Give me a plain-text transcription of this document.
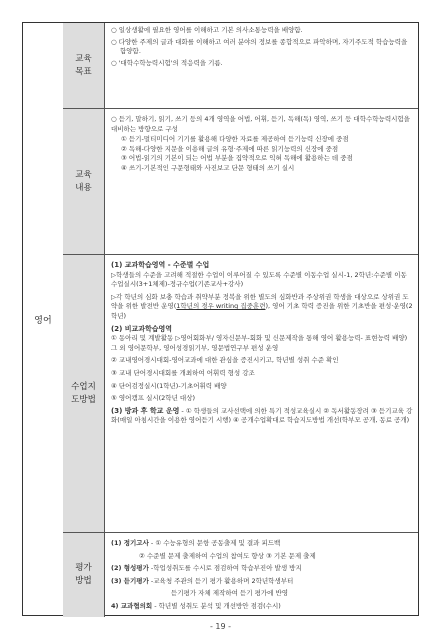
영어
교육목표

○ 일상생활에 필요한 영어를 이해하고 기본 의사소통능력을 배양함.

○ 다양한 주제의 글과 대화를 이해하고 여러 분야의 정보를 종합적으로 파악하며, 자기주도적 학습능력을 함양함.

○ '대학수학능력시험'의 적응력을 기름.

교육내용

○ 듣기, 말하기, 읽기, 쓰기 등의 4개 영역을 어법, 어휘, 듣기, 독해(독) 영역, 쓰기 등 대학수학능력시험을 대비하는 방향으로 구성

① 듣기-멀티미디어 기기를 활용해 다양한 자료를 제공하여 듣기능력 신장에 중점

② 독해-다양한 지문을 이용해 글의 유형·주제에 따른 읽기능력의 신장에 중점

③ 어법-읽기의 기본이 되는 어법 부분을 집약적으로 익혀 독해에 활용하는 데 중점

④ 쓰기-기본적인 구문형태와 사진보고 단문 형태의 쓰기 실시

수업지도방법

(1) 교과학습영역 - 수준별 수업

▷학생들의 수준을 고려해 적절한 수업이 이루어질 수 있도록 수준별 이동수업 실시-1, 2학년:수준별 이동수업실시(3+1체제)-정규수업(기존교사+강사)

▷각 학년의 심화 보충 학습과 취약부분 정복을 위한 별도의 심화반과 주상위권 학생을 대상으로 상위권 도약을 위한 발전반 운영(1학년의 경우 writing 집중훈련), 영어 기초 학력 증진을 위한 기초반을 편성·운영(2학년)

(2) 비교과학습영역

① 동아리 및 계발활동 ▷영어회화부/ 영자신문부-회화 및 신문제작을 통해 영어 활용능력- 표현능력 배양) 그 외 영어문학부, 영어성경읽기부, 영문법연구부 편성 운영

② 교내영어경시대회-영어교과에 대한 관심을 증진시키고, 학년별 성취 수준 확인

③ 교내 단어경시대회를 개최하여 어휘력 형성 강조

④ 단어검정실시(1학년)-기초어휘력 배양

⑤ 영어캠프 실시(2학년 대상)

(3) 방과 후 학교 운영 - ① 학생들의 교사선택에 의한 특기 적성교육실시 ② 독서활동장려 ③ 듣기교육 강화(매일 아침시간을 이용한 영어듣기 시행) ④ 공개수업확대로 학습지도방법 개선(학부모 공개, 동료 공개)

평가방법

(1) 정기고사 - ① 수능유형의 문항 공동출제 및 결과 피드백

② 수준별 문제 출제하여 수업의 참여도 향상 ③ 기본 문제 출제

(2) 형성평가 -학업성취도를 수시로 점검하여 학습부진아 발생 방지

(3) 듣기평가 -교육청 주관의 듣기 평가 활용하며 2학년학생부터

듣기평가 자체 제작하여 듣기 평가에 반영

4) 교과협의회 - 학년별 성취도 분석 및 개선방안 점검(수시)

- 19 -
